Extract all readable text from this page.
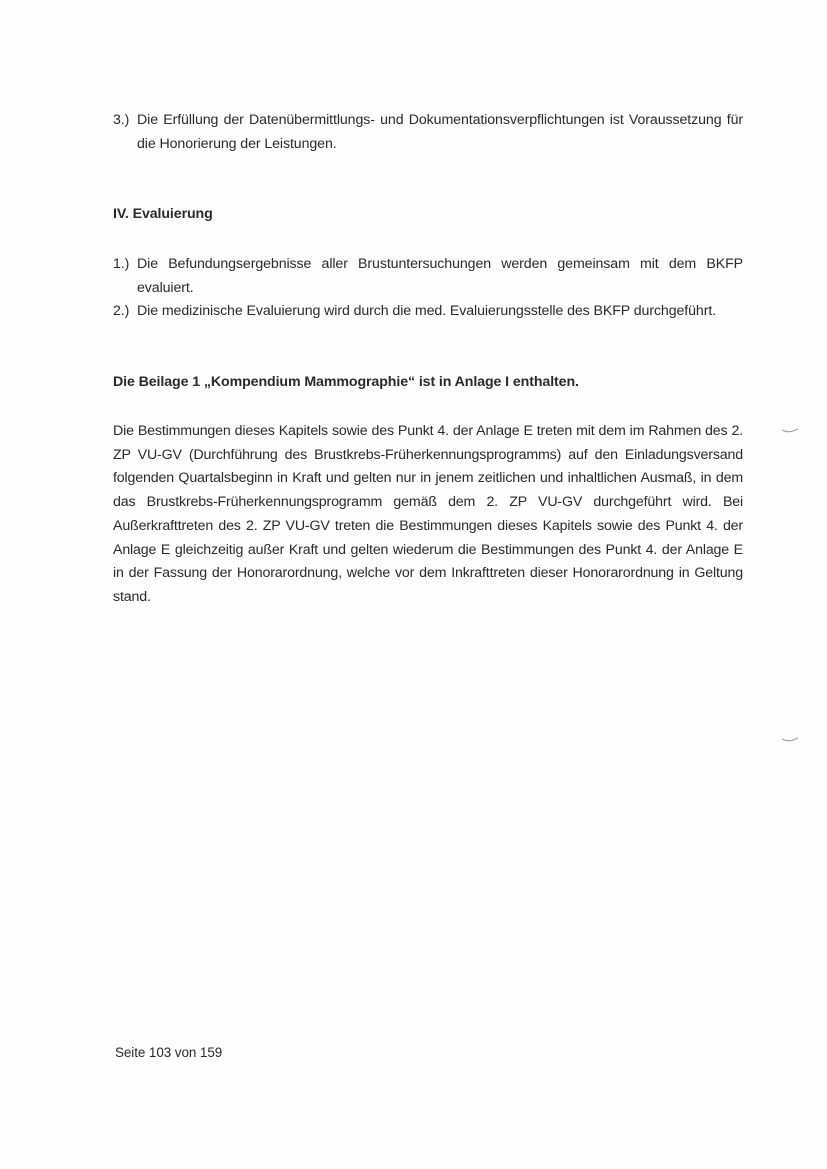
3.) Die Erfüllung der Datenübermittlungs- und Dokumentationsverpflichtungen ist Voraussetzung für die Honorierung der Leistungen.
IV. Evaluierung
1.) Die Befundungsergebnisse aller Brustuntersuchungen werden gemeinsam mit dem BKFP evaluiert.
2.) Die medizinische Evaluierung wird durch die med. Evaluierungsstelle des BKFP durchgeführt.
Die Beilage 1 „Kompendium Mammographie“ ist in Anlage I enthalten.
Die Bestimmungen dieses Kapitels sowie des Punkt 4. der Anlage E treten mit dem im Rahmen des 2. ZP VU-GV (Durchführung des Brustkrebs-Früherkennungsprogramms) auf den Einladungsversand folgenden Quartalsbeginn in Kraft und gelten nur in jenem zeitlichen und inhaltlichen Ausmaß, in dem das Brustkrebs-Früherkennungsprogramm gemäß dem 2. ZP VU-GV durchgeführt wird. Bei Außerkrafttreten des 2. ZP VU-GV treten die Bestimmungen dieses Kapitels sowie des Punkt 4. der Anlage E gleichzeitig außer Kraft und gelten wiederum die Bestimmungen des Punkt 4. der Anlage E in der Fassung der Honorarordnung, welche vor dem Inkrafttreten dieser Honorarordnung in Geltung stand.
Seite 103 von 159
